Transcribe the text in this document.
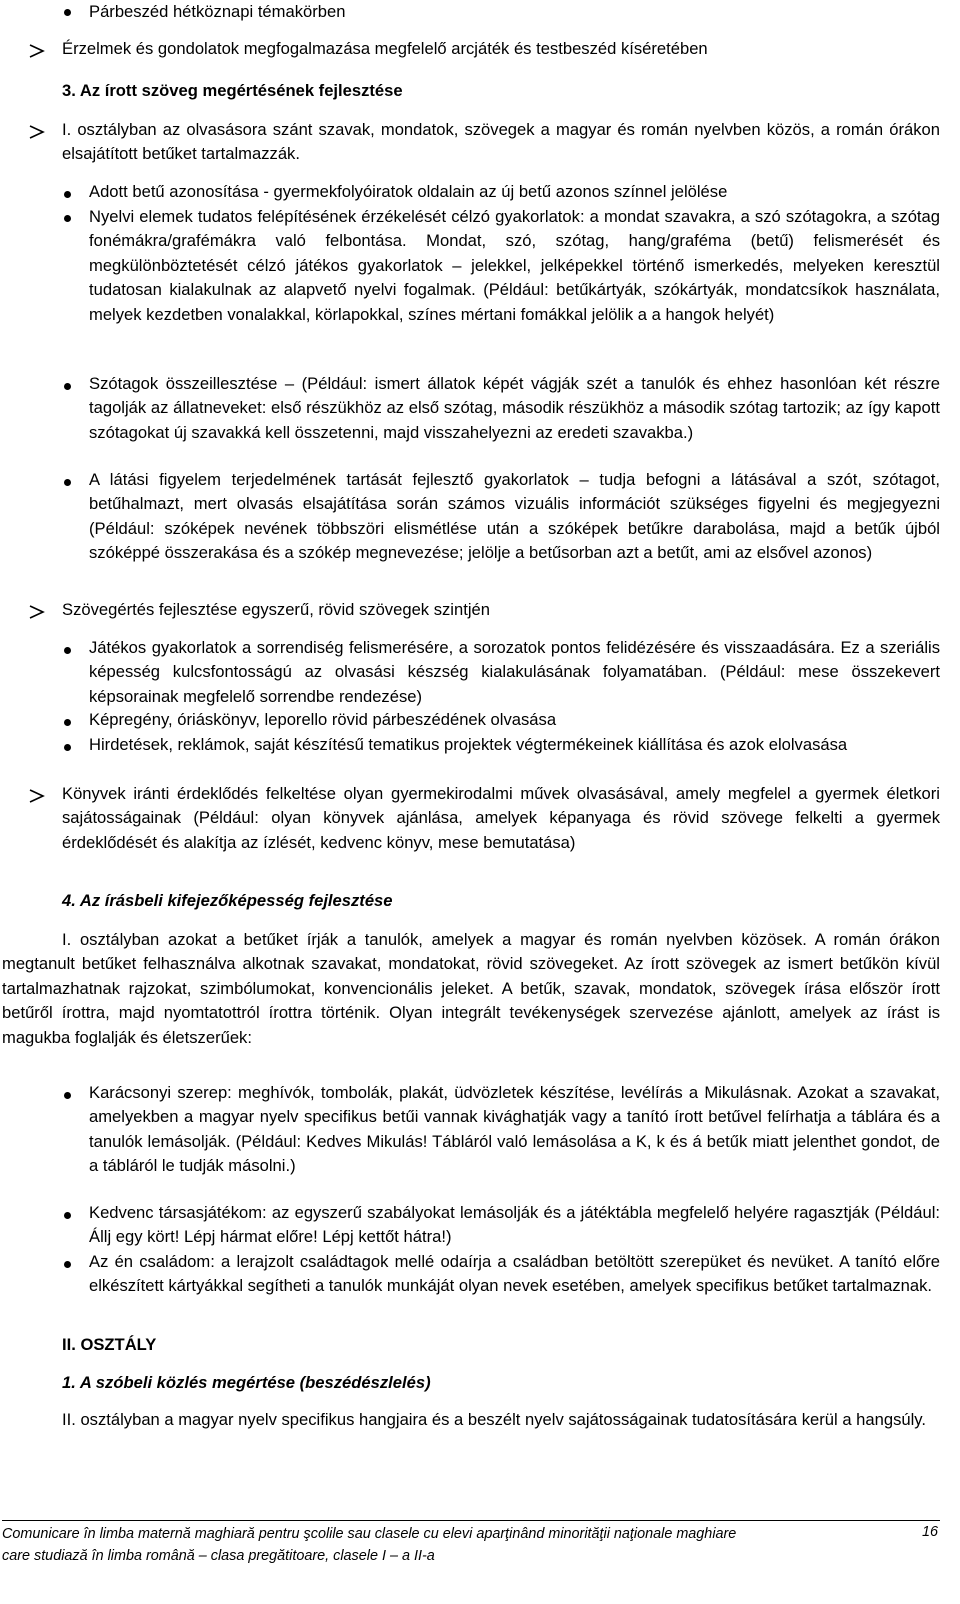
Párbeszéd hétköznapi témakörben

Érzelmek és gondolatok megfogalmazása megfelelő arcjáték és testbeszéd kíséretében

3. Az írott szöveg megértésének fejlesztése

I. osztályban az olvasásora szánt szavak, mondatok, szövegek a magyar és román nyelvben közös, a román órákon elsajátított betűket tartalmazzák.

Adott betű azonosítása - gyermekfolyóiratok oldalain az új betű azonos színnel jelölése

Nyelvi elemek tudatos felépítésének érzékelését célzó gyakorlatok: a mondat szavakra, a szó szótagokra, a szótag fonémákra/grafémákra való felbontása. Mondat, szó, szótag, hang/graféma (betű) felismerését és megkülönböztetését célzó játékos gyakorlatok – jelekkel, jelképekkel történő ismerkedés, melyeken keresztül tudatosan kialakulnak az alapvető nyelvi fogalmak. (Például: betűkártyák, szókártyák, mondatcsíkok használata, melyek kezdetben vonalakkal, körlapokkal, színes mértani fomákkal jelölik a a hangok helyét)

Szótagok összeillesztése – (Például: ismert állatok képét vágják szét a tanulók és ehhez hasonlóan két részre tagolják az állatneveket: első részükhöz az első szótag, második részükhöz a második szótag tartozik; az így kapott szótagokat új szavakká kell összetenni, majd visszahelyezni az eredeti szavakba.)

A látási figyelem terjedelmének tartását fejlesztő gyakorlatok – tudja befogni a látásával a szót, szótagot, betűhalmazt, mert olvasás elsajátítása során számos vizuális információt szükséges figyelni és megjegyezni (Például: szóképek nevének többszöri elismétlése után a szóképek betűkre darabolása, majd a betűk újból szóképpé összerakása és a szókép megnevezése; jelölje a betűsorban azt a betűt, ami az elsővel azonos)

Szövegértés fejlesztése egyszerű, rövid szövegek szintjén

Játékos gyakorlatok a sorrendiség felismerésére, a sorozatok pontos felidézésére és visszaadására. Ez a szeriális képesség kulcsfontosságú az olvasási készség kialakulásának folyamatában. (Például: mese összekevert képsorainak megfelelő sorrendbe rendezése)

Képregény, óriáskönyv, leporello rövid párbeszédének olvasása

Hirdetések, reklámok, saját készítésű tematikus projektek végtermékeinek kiállítása és azok elolvasása

Könyvek iránti érdeklődés felkeltése olyan gyermekirodalmi művek olvasásával, amely megfelel a gyermek életkori sajátosságainak (Például: olyan könyvek ajánlása, amelyek képanyaga és rövid szövege felkelti a gyermek érdeklődését és alakítja az ízlését, kedvenc könyv, mese bemutatása)

4. Az írásbeli kifejezőképesség fejlesztése

I. osztályban azokat a betűket írják a tanulók, amelyek a magyar és román nyelvben közösek. A román órákon megtanult betűket felhasználva alkotnak szavakat, mondatokat, rövid szövegeket. Az írott szövegek az ismert betűkön kívül tartalmazhatnak rajzokat, szimbólumokat, konvencionális jeleket. A betűk, szavak, mondatok, szövegek írása először írott betűről írottra, majd nyomtatottról írottra történik. Olyan integrált tevékenységek szervezése ajánlott, amelyek az írást is magukba foglalják és életszerűek:

Karácsonyi szerep: meghívók, tombolák, plakát, üdvözletek készítése, levélírás a Mikulásnak. Azokat a szavakat, amelyekben a magyar nyelv specifikus betűi vannak kivághatják vagy a tanító írott betűvel felírhatja a táblára és a tanulók lemásolják. (Például: Kedves Mikulás! Tábláról való lemásolása a K, k és á betűk miatt jelenthet gondot, de a tábláról le tudják másolni.)

Kedvenc társasjátékom: az egyszerű szabályokat lemásolják és a játéktábla megfelelő helyére ragasztják (Például: Állj egy kört! Lépj hármat előre! Lépj kettőt hátra!)

Az én családom: a lerajzolt családtagok mellé odaírja a családban betöltött szerepüket és nevüket. A tanító előre elkészített kártyákkal segítheti a tanulók munkáját olyan nevek esetében, amelyek specifikus betűket tartalmaznak.

II. OSZTÁLY

1. A szóbeli közlés megértése (beszédészlelés)

II. osztályban a magyar nyelv specifikus hangjaira és a beszélt nyelv sajátosságainak tudatosítására kerül a hangsúly.

Comunicare în limba maternă maghiară pentru şcolile sau clasele cu elevi aparţinând minorităţii naţionale maghiare
care studiază în limba română – clasa pregătitoare, clasele I – a II-a
16
